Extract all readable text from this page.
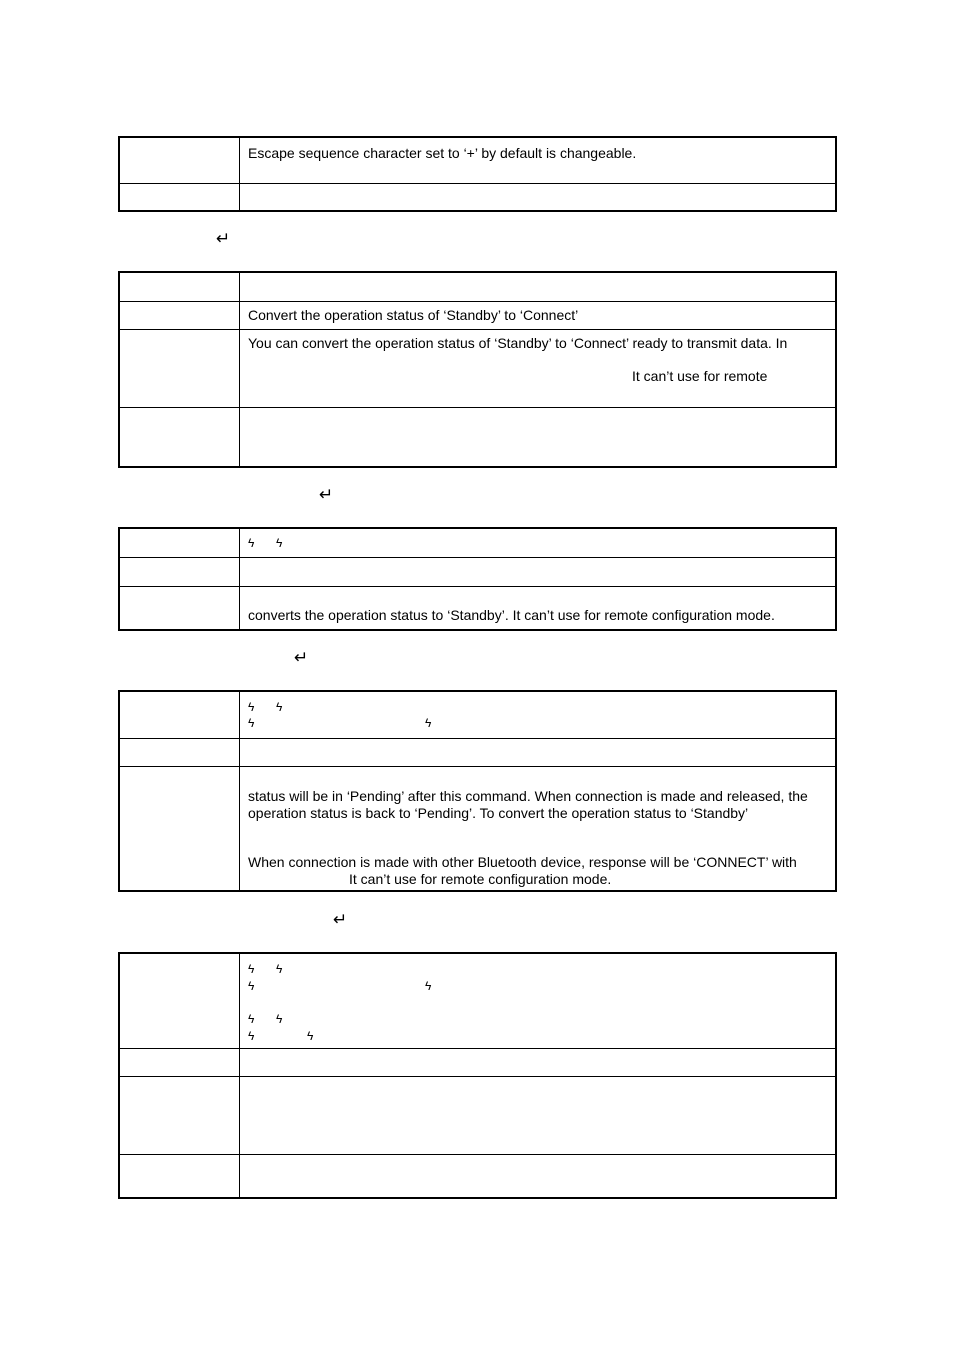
Escape sequence character set to ‘+’ by default is changeable.
↵
Convert the operation status of ‘Standby’ to ‘Connect’
You can convert the operation status of ‘Standby’ to ‘Connect’ ready to transmit data. In
It can’t use for remote
↵
ϟ ϟ
converts the operation status to ‘Standby’. It can’t use for remote configuration mode.
↵
ϟ ϟ
ϟ	ϟ
status will be in ‘Pending’ after this command. When connection is made and released, the
operation status is back to ‘Pending’. To convert the operation status to ‘Standby’
When connection is made with other Bluetooth device, response will be ‘CONNECT’ with
It can’t use for remote configuration mode.
↵
ϟ ϟ
ϟ	ϟ
ϟ ϟ
ϟ	ϟ
